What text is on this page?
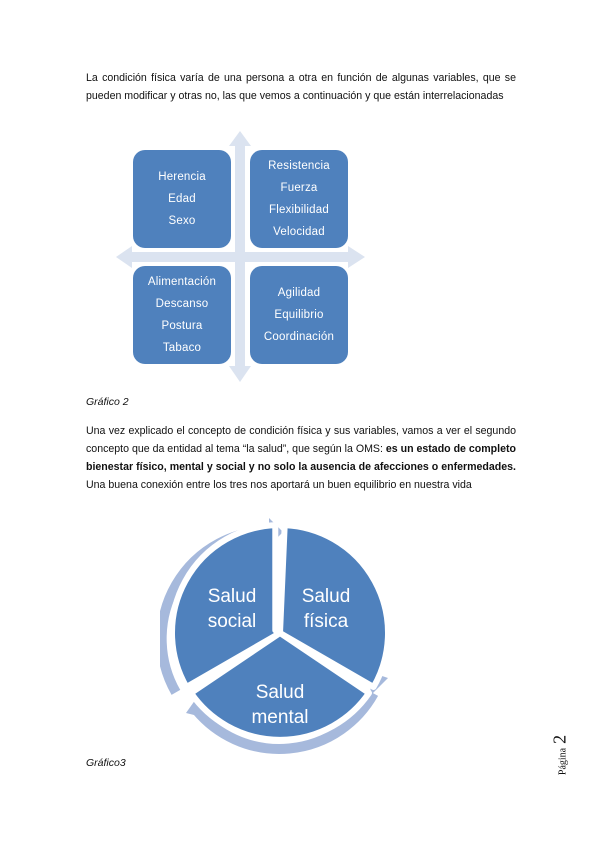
La condición física varía de una persona a otra en función de algunas variables, que se pueden modificar y otras no, las que vemos a continuación y que están interrelacionadas
Herencia
Edad
Sexo
Resistencia
Fuerza
Flexibilidad
Velocidad
Alimentación
Descanso
Postura
Tabaco
Agilidad
Equilibrio
Coordinación
Gráfico 2
Una vez explicado el concepto de condición física y sus variables, vamos a ver el segundo concepto que da entidad al tema “la salud”, que según la OMS: es un estado de completo bienestar físico, mental y social y no solo la ausencia de afecciones o enfermedades. Una buena conexión entre los tres nos aportará un buen equilibrio en nuestra vida
Salud
social
Salud
física
Salud
mental
Gráfico3	Página 2
